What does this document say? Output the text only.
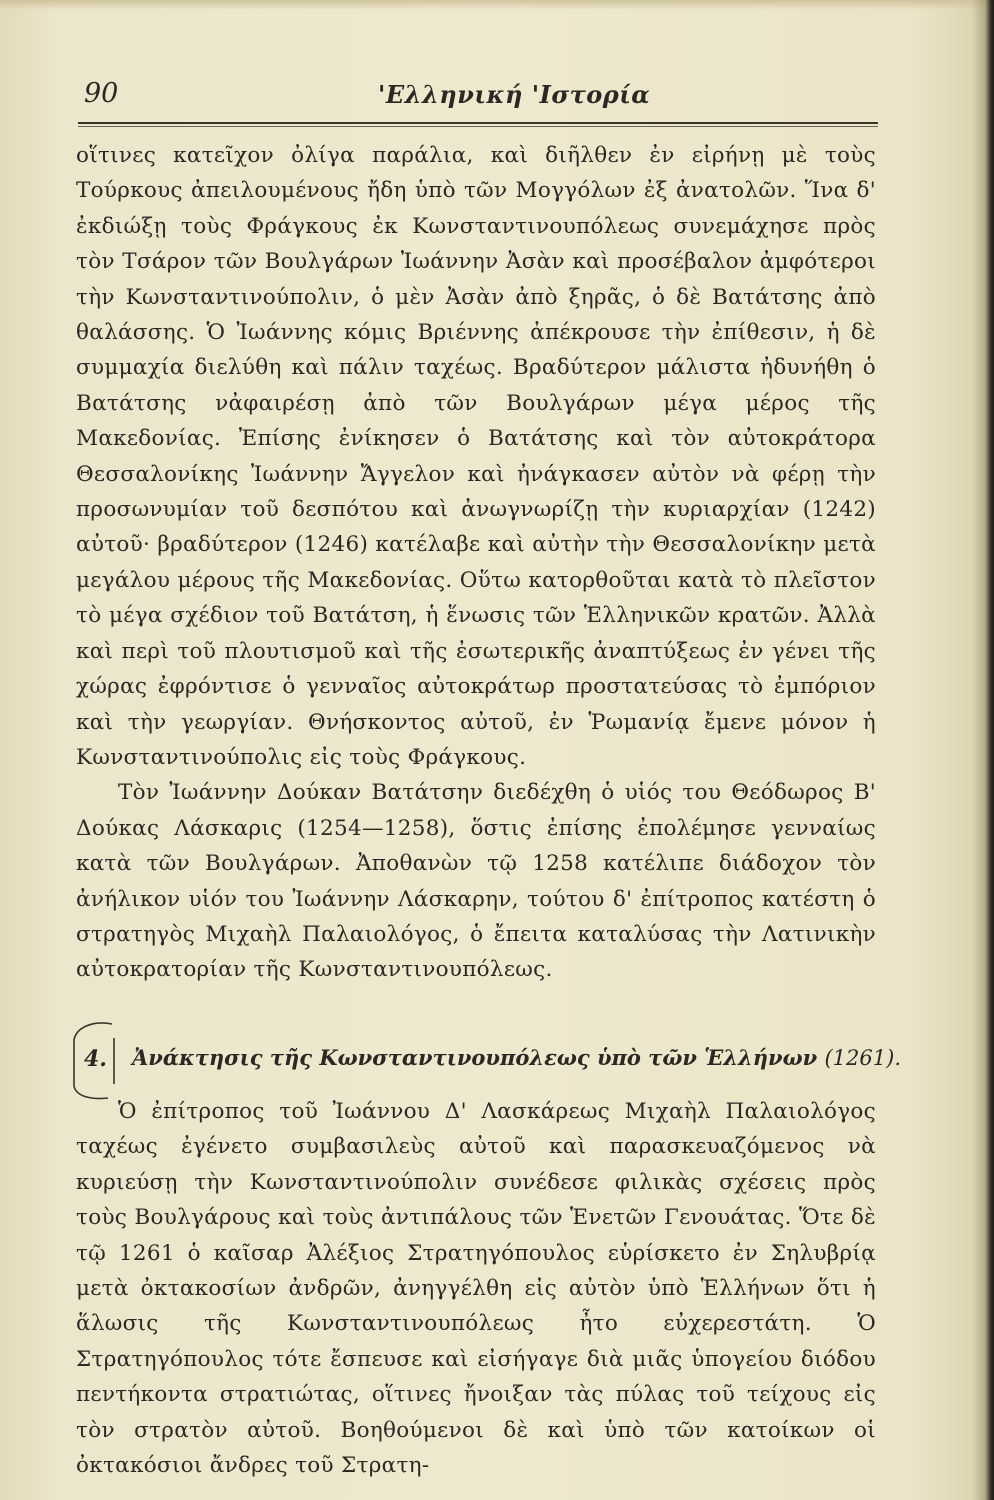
90	'Ελληνική 'Ιστορία

οἵτινες κατεῖχον ὀλίγα παράλια, καὶ διῆλθεν ἐν εἰρήνῃ μὲ τοὺς Τούρκους ἀπειλουμένους ἤδη ὑπὸ τῶν Μογγόλων ἐξ ἀνατολῶν. Ἵνα δ' ἐκδιώξῃ τοὺς Φράγκους ἐκ Κωνσταντινουπόλεως συνεμάχησε πρὸς τὸν Τσάρον τῶν Βουλγάρων Ἰωάννην Ἀσὰν καὶ προσέβαλον ἀμφότεροι τὴν Κωνσταντινούπολιν, ὁ μὲν Ἀσὰν ἀπὸ ξηρᾶς, ὁ δὲ Βατάτσης ἀπὸ θαλάσσης. Ὁ Ἰωάννης κόμις Βριέννης ἀπέκρουσε τὴν ἐπίθεσιν, ἡ δὲ συμμαχία διελύθη καὶ πάλιν ταχέως. Βραδύτερον μάλιστα ἠδυνήθη ὁ Βατάτσης νἀφαιρέσῃ ἀπὸ τῶν Βουλγάρων μέγα μέρος τῆς Μακεδονίας. Ἐπίσης ἐνίκησεν ὁ Βατάτσης καὶ τὸν αὐτοκράτορα Θεσσαλονίκης Ἰωάννην Ἄγγελον καὶ ἠνάγκασεν αὐτὸν νὰ φέρῃ τὴν προσωνυμίαν τοῦ δεσπότου καὶ ἀνωγνωρίζῃ τὴν κυριαρχίαν (1242) αὐτοῦ· βραδύτερον (1246) κατέλαβε καὶ αὐτὴν τὴν Θεσσαλονίκην μετὰ μεγάλου μέρους τῆς Μακεδονίας. Οὕτω κατορθοῦται κατὰ τὸ πλεῖστον τὸ μέγα σχέδιον τοῦ Βατάτση, ἡ ἕνωσις τῶν Ἑλληνικῶν κρατῶν. Ἀλλὰ καὶ περὶ τοῦ πλουτισμοῦ καὶ τῆς ἐσωτερικῆς ἀναπτύξεως ἐν γένει τῆς χώρας ἐφρόντισε ὁ γενναῖος αὐτοκράτωρ προστατεύσας τὸ ἐμπόριον καὶ τὴν γεωργίαν. Θνήσκοντος αὐτοῦ, ἐν Ῥωμανίᾳ ἔμενε μόνον ἡ Κωνσταντινούπολις εἰς τοὺς Φράγκους.

Τὸν Ἰωάννην Δούκαν Βατάτσην διεδέχθη ὁ υἱός του Θεόδωρος Β' Δούκας Λάσκαρις (1254—1258), ὅστις ἐπίσης ἐπολέμησε γενναίως κατὰ τῶν Βουλγάρων. Ἀποθανὼν τῷ 1258 κατέλιπε διάδοχον τὸν ἀνήλικον υἱόν του Ἰωάννην Λάσκαρην, τούτου δ' ἐπίτροπος κατέστη ὁ στρατηγὸς Μιχαὴλ Παλαιολόγος, ὁ ἔπειτα καταλύσας τὴν Λατινικὴν αὐτοκρατορίαν τῆς Κωνσταντινουπόλεως.

4. Ἀνάκτησις τῆς Κωνσταντινουπόλεως ὑπὸ τῶν Ἑλλήνων (1261).

Ὁ ἐπίτροπος τοῦ Ἰωάννου Δ' Λασκάρεως Μιχαὴλ Παλαιολόγος ταχέως ἐγένετο συμβασιλεὺς αὐτοῦ καὶ παρασκευαζόμενος νὰ κυριεύσῃ τὴν Κωνσταντινούπολιν συνέδεσε φιλικὰς σχέσεις πρὸς τοὺς Βουλγάρους καὶ τοὺς ἀντιπάλους τῶν Ἑνετῶν Γενουάτας. Ὅτε δὲ τῷ 1261 ὁ καῖσαρ Ἀλέξιος Στρατηγόπουλος εὑρίσκετο ἐν Σηλυβρίᾳ μετὰ ὀκτακοσίων ἀνδρῶν, ἀνηγγέλθη εἰς αὐτὸν ὑπὸ Ἑλλήνων ὅτι ἡ ἅλωσις τῆς Κωνσταντινουπόλεως ἦτο εὐχερεστάτη. Ὁ Στρατηγόπουλος τότε ἔσπευσε καὶ εἰσήγαγε διὰ μιᾶς ὑπογείου διόδου πεντήκοντα στρατιώτας, οἵτινες ἤνοιξαν τὰς πύλας τοῦ τείχους εἰς τὸν στρατὸν αὐτοῦ. Βοηθούμενοι δὲ καὶ ὑπὸ τῶν κατοίκων οἱ ὀκτακόσιοι ἄνδρες τοῦ Στρατη-
